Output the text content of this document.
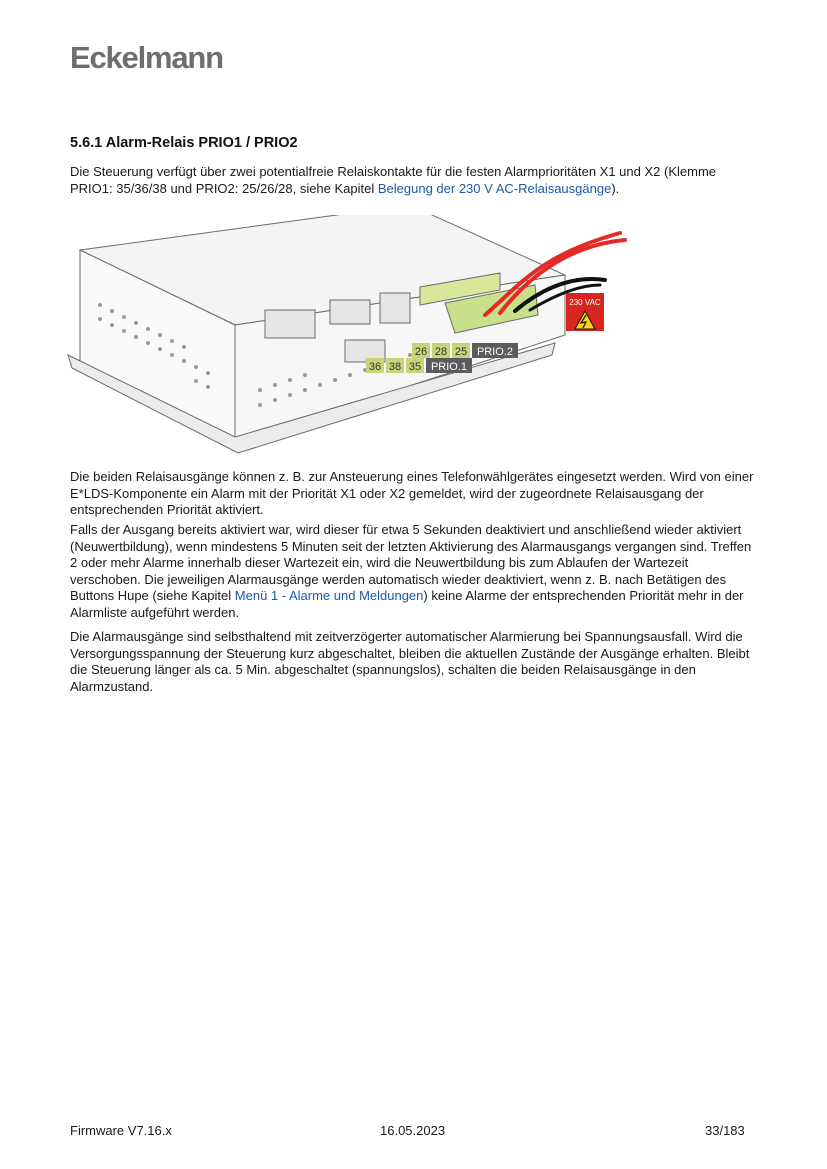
Eckelmann
5.6.1 Alarm-Relais PRIO1 / PRIO2

Die Steuerung verfügt über zwei potentialfreie Relaiskontakte für die festen Alarmprioritäten X1 und X2 (Klemme PRIO1: 35/36/38 und PRIO2: 25/26/28, siehe Kapitel Belegung der 230 V AC-Relaisausgänge).

230 VAC
26 28 25 PRIO.2
36 38 35 PRIO.1

Die beiden Relaisausgänge können z. B. zur Ansteuerung eines Telefonwählgerätes eingesetzt werden. Wird von einer E*LDS-Komponente ein Alarm mit der Priorität X1 oder X2 gemeldet, wird der zugeordnete Relaisausgang der entsprechenden Priorität aktiviert.

Falls der Ausgang bereits aktiviert war, wird dieser für etwa 5 Sekunden deaktiviert und anschließend wieder aktiviert (Neuwertbildung), wenn mindestens 5 Minuten seit der letzten Aktivierung des Alarmausgangs vergangen sind. Treffen 2 oder mehr Alarme innerhalb dieser Wartezeit ein, wird die Neuwertbildung bis zum Ablaufen der Wartezeit verschoben. Die jeweiligen Alarmausgänge werden automatisch wieder deaktiviert, wenn z. B. nach Betätigen des Buttons Hupe (siehe Kapitel Menü 1 - Alarme und Meldungen) keine Alarme der entsprechenden Priorität mehr in der Alarmliste aufgeführt werden.

Die Alarmausgänge sind selbsthaltend mit zeitverzögerter automatischer Alarmierung bei Spannungsausfall. Wird die Versorgungsspannung der Steuerung kurz abgeschaltet, bleiben die aktuellen Zustände der Ausgänge erhalten. Bleibt die Steuerung länger als ca. 5 Min. abgeschaltet (spannungslos), schalten die beiden Relaisausgänge in den Alarmzustand.

Firmware V7.16.x	16.05.2023	33/183
